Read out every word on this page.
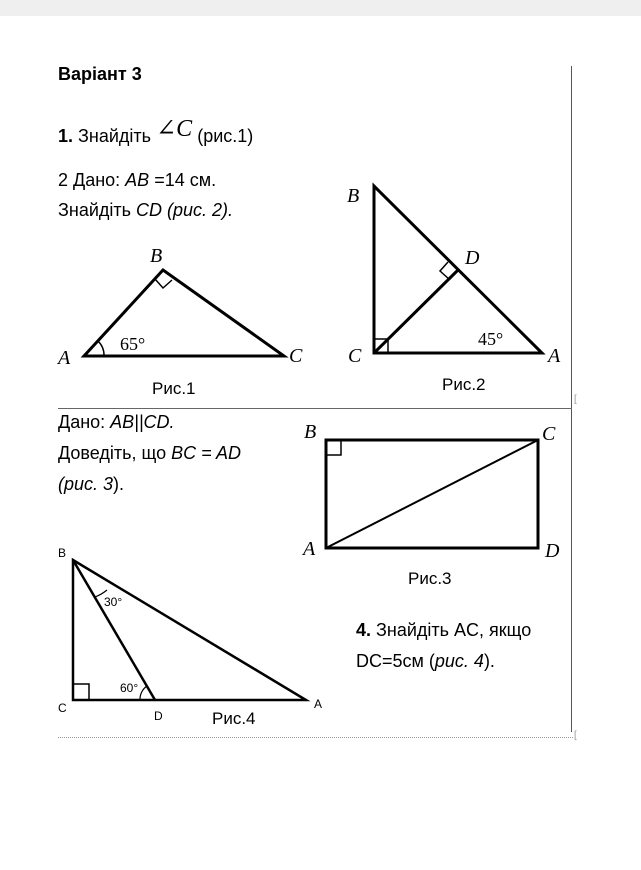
[
[
Варіант 3
1. Знайдіть ∠C (рис.1)
2 Дано: AB =14 см.
Знайдіть CD (рис. 2).
Дано: AB||CD.
Доведіть, що BC = AD
(рис. 3).
4. Знайдіть AC, якщо
DC=5см (рис. 4).
B
A	C
65°
Рис.1
B
D
C	A
45°
Рис.2
B	C
A	D
Рис.3
B
C
D
A
30°
60°
Рис.4
